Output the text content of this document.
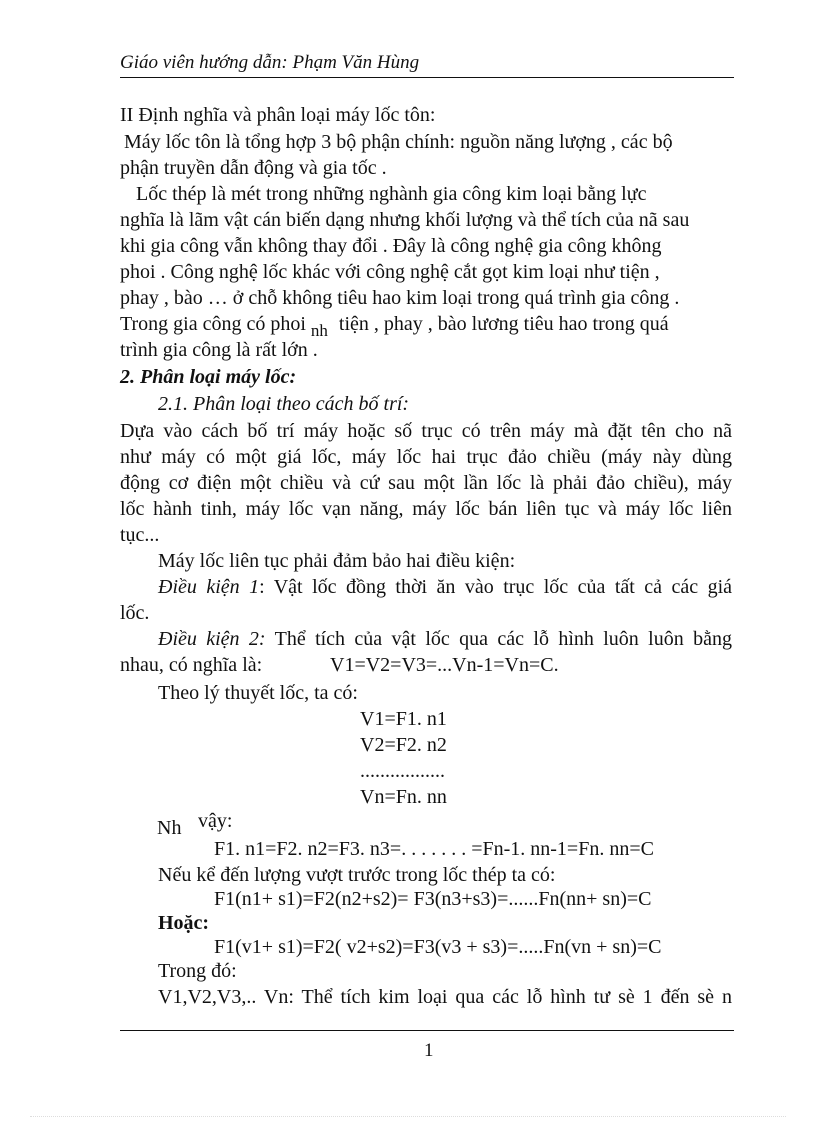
Giáo viên hướng dẫn: Phạm Văn Hùng
II Định nghĩa và phân loại máy lốc tôn:
Máy lốc tôn là tổng hợp 3 bộ phận chính: nguồn năng lượng , các bộ
phận truyền dẫn động và gia tốc .
Lốc thép là mét trong những nghành gia công kim loại bằng lực
nghĩa là lãm vật cán biến dạng nhưng khối lượng và thể tích của nã sau
khi gia công vẫn không thay đổi . Đây là công nghệ gia công không
phoi . Công nghệ lốc khác với công nghệ cắt gọt kim loại như tiện ,
phay , bào … ở chỗ không tiêu hao kim loại trong quá trình gia công .
Trong gia công có phoi $_{nh}$ tiện , phay , bào lương tiêu hao trong quá
trình gia công là rất lớn .
2. Phân loại máy lốc:
2.1. Phân loại theo cách bố trí:
Dựa vào cách bố trí máy hoặc số trục có trên máy mà đặt tên cho nã
như máy có một giá lốc, máy lốc hai trục đảo chiều (máy này dùng
động cơ điện một chiều và cứ sau một lần lốc là phải đảo chiều), máy
lốc hành tinh, máy lốc vạn năng, máy lốc bán liên tục và máy lốc liên
tục...
Máy lốc liên tục phải đảm bảo hai điều kiện:
Điều kiện 1: Vật lốc đồng thời ăn vào trục lốc của tất cả các giá
lốc.
Điều kiện 2: Thể tích của vật lốc qua các lỗ hình luôn luôn bằng
nhau, có nghĩa là:	V1=V2=V3=...Vn-1=Vn=C.
Theo lý thuyết lốc, ta có:
V1=F1. n1
V2=F2. n2
.................
Vn=Fn. nn
Nh vậy:
F1. n1=F2. n2=F3. n3=. . . . . . . =Fn-1. nn-1=Fn. nn=C
Nếu kể đến lượng vượt trước trong lốc thép ta có:
F1(n1+ s1)=F2(n2+s2)= F3(n3+s3)=......Fn(nn+ sn)=C
Hoặc:
F1(v1+ s1)=F2( v2+s2)=F3(v3 + s3)=.....Fn(vn + sn)=C
Trong đó:
V1,V2,V3,.. Vn: Thể tích kim loại qua các lỗ hình tư sè 1 đến sè n
1
